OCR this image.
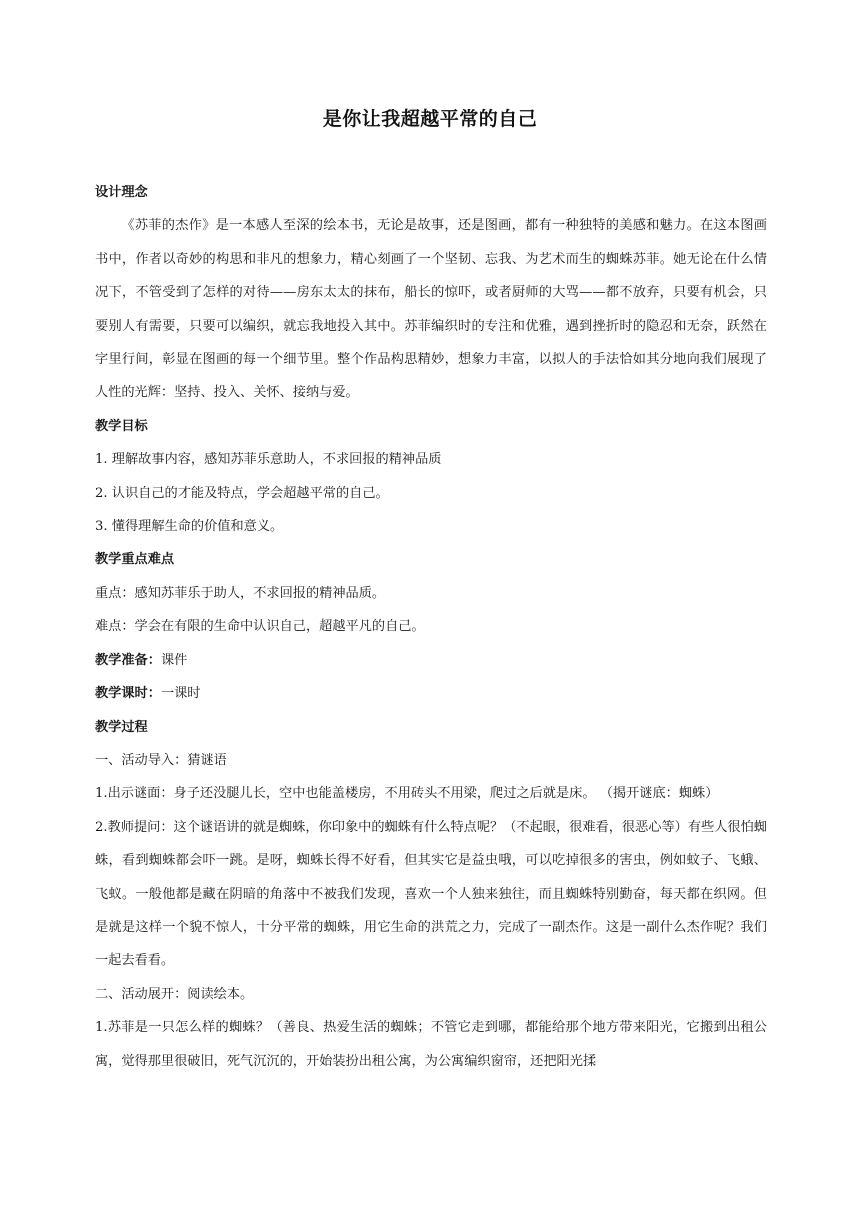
是你让我超越平常的自己

设计理念

《苏菲的杰作》是一本感人至深的绘本书，无论是故事，还是图画，都有一种独特的美感和魅力。在这本图画书中，作者以奇妙的构思和非凡的想象力，精心刻画了一个坚韧、忘我、为艺术而生的蜘蛛苏菲。她无论在什么情况下，不管受到了怎样的对待——房东太太的抹布，船长的惊吓，或者厨师的大骂——都不放弃，只要有机会，只要别人有需要，只要可以编织，就忘我地投入其中。苏菲编织时的专注和优雅，遇到挫折时的隐忍和无奈，跃然在字里行间，彰显在图画的每一个细节里。整个作品构思精妙，想象力丰富，以拟人的手法恰如其分地向我们展现了人性的光辉：坚持、投入、关怀、接纳与爱。

教学目标

1. 理解故事内容，感知苏菲乐意助人，不求回报的精神品质

2. 认识自己的才能及特点，学会超越平常的自己。

3. 懂得理解生命的价值和意义。

教学重点难点

重点：感知苏菲乐于助人，不求回报的精神品质。

难点：学会在有限的生命中认识自己，超越平凡的自己。

教学准备：课件

教学课时：一课时

教学过程

一、活动导入：猜谜语

1.出示谜面：身子还没腿儿长，空中也能盖楼房，不用砖头不用梁，爬过之后就是床。 （揭开谜底：蜘蛛）

2.教师提问：这个谜语讲的就是蜘蛛，你印象中的蜘蛛有什么特点呢？（不起眼，很难看，很恶心等）有些人很怕蜘蛛，看到蜘蛛都会吓一跳。是呀，蜘蛛长得不好看，但其实它是益虫哦，可以吃掉很多的害虫，例如蚊子、飞蛾、飞蚁。一般他都是藏在阴暗的角落中不被我们发现，喜欢一个人独来独往，而且蜘蛛特别勤奋，每天都在织网。但是就是这样一个貌不惊人，十分平常的蜘蛛，用它生命的洪荒之力，完成了一副杰作。这是一副什么杰作呢？我们一起去看看。

二、活动展开：阅读绘本。

1.苏菲是一只怎么样的蜘蛛？（善良、热爱生活的蜘蛛；不管它走到哪，都能给那个地方带来阳光，它搬到出租公寓，觉得那里很破旧，死气沉沉的，开始装扮出租公寓，为公寓编织窗帘，还把阳光揉
